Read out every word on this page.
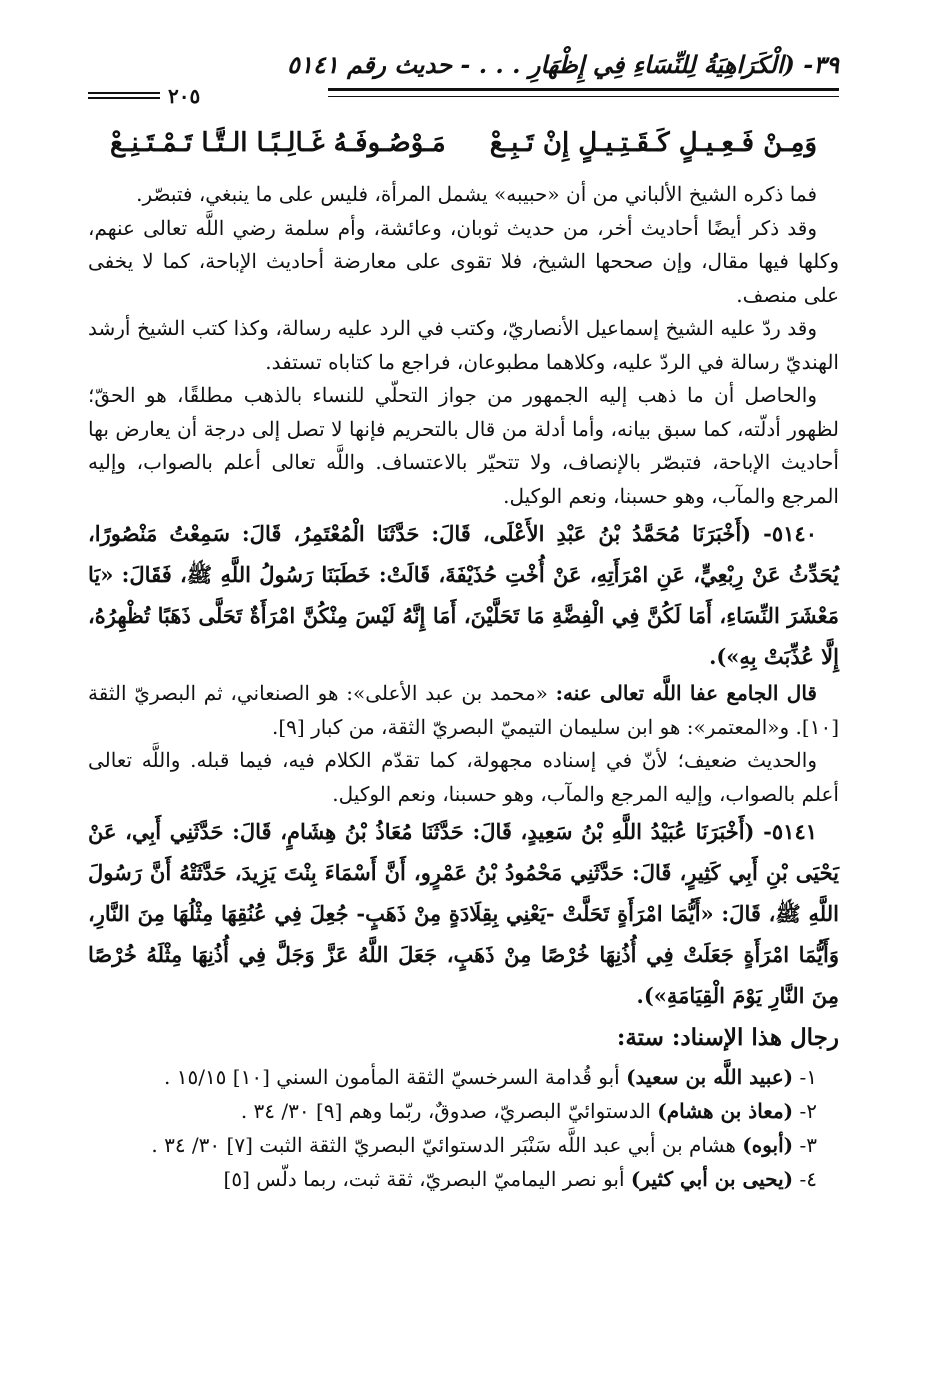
٣٩- (الْكَرَاهِيَةُ لِلنِّسَاءِ فِي إِظْهَارِ . . . - حديث رقم ٥١٤١
٢٠٥
وَمِـنْ فَـعِـيـلٍ كَـقَـتِـيـلٍ إِنْ تَـبِـعْ
مَـوْصُـوفَـهُ غَـالِـبًـا الـتَّـا تَـمْـتَـنِـعْ

فما ذكره الشيخ الألباني من أن «حبيبه» يشمل المرأة، فليس على ما ينبغي، فتبصّر.

وقد ذكر أيضًا أحاديث أخر، من حديث ثوبان، وعائشة، وأم سلمة رضي اللَّه تعالى عنهم، وكلها فيها مقال، وإن صححها الشيخ، فلا تقوى على معارضة أحاديث الإباحة، كما لا يخفى على منصف.

وقد ردّ عليه الشيخ إسماعيل الأنصاريّ، وكتب في الرد عليه رسالة، وكذا كتب الشيخ أرشد الهنديّ رسالة في الردّ عليه، وكلاهما مطبوعان، فراجع ما كتاباه تستفد.

والحاصل أن ما ذهب إليه الجمهور من جواز التحلّي للنساء بالذهب مطلقًا، هو الحقّ؛ لظهور أدلّته، كما سبق بيانه، وأما أدلة من قال بالتحريم فإنها لا تصل إلى درجة أن يعارض بها أحاديث الإباحة، فتبصّر بالإنصاف، ولا تتحيّر بالاعتساف. واللَّه تعالى أعلم بالصواب، وإليه المرجع والمآب، وهو حسبنا، ونعم الوكيل.

٥١٤٠- (أَخْبَرَنَا مُحَمَّدُ بْنُ عَبْدِ الأَعْلَى، قَالَ: حَدَّثَنَا الْمُعْتَمِرُ، قَالَ: سَمِعْتُ مَنْصُورًا، يُحَدِّثُ عَنْ رِبْعِيٍّ، عَنِ امْرَأَتِهِ، عَنْ أُخْتِ حُذَيْفَةَ، قَالَتْ: خَطَبَنَا رَسُولُ اللَّهِ ﷺ، فَقَالَ: «يَا مَعْشَرَ النِّسَاءِ، أَمَا لَكُنَّ فِي الْفِضَّةِ مَا تَحَلَّيْنَ، أَمَا إِنَّهُ لَيْسَ مِنْكُنَّ امْرَأَةٌ تَحَلَّى ذَهَبًا تُظْهِرُهُ، إِلَّا عُذِّبَتْ بِهِ»).

قال الجامع عفا اللَّه تعالى عنه: «محمد بن عبد الأعلى»: هو الصنعاني، ثم البصريّ الثقة [١٠]. و«المعتمر»: هو ابن سليمان التيميّ البصريّ الثقة، من كبار [٩].

والحديث ضعيف؛ لأنّ في إسناده مجهولة، كما تقدّم الكلام فيه، فيما قبله. واللَّه تعالى أعلم بالصواب، وإليه المرجع والمآب، وهو حسبنا، ونعم الوكيل.

٥١٤١- (أَخْبَرَنَا عُبَيْدُ اللَّهِ بْنُ سَعِيدٍ، قَالَ: حَدَّثَنَا مُعَاذُ بْنُ هِشَامٍ، قَالَ: حَدَّثَنِي أَبِي، عَنْ يَحْيَى بْنِ أَبِي كَثِيرٍ، قَالَ: حَدَّثَنِي مَحْمُودُ بْنُ عَمْرٍو، أَنَّ أَسْمَاءَ بِنْتَ يَزِيدَ، حَدَّثَتْهُ أَنَّ رَسُولَ اللَّهِ ﷺ، قَالَ: «أَيُّمَا امْرَأَةٍ تَحَلَّتْ -يَعْنِي بِقِلَادَةٍ مِنْ ذَهَبٍ- جُعِلَ فِي عُنُقِهَا مِثْلُهَا مِنَ النَّارِ، وَأَيُّمَا امْرَأَةٍ جَعَلَتْ فِي أُذُنِهَا خُرْصًا مِنْ ذَهَبٍ، جَعَلَ اللَّهُ عَزَّ وَجَلَّ فِي أُذُنِهَا مِثْلَهُ خُرْصًا مِنَ النَّارِ يَوْمَ الْقِيَامَةِ»).

رجال هذا الإسناد: ستة:

١- (عبيد اللَّه بن سعيد) أبو قُدامة السرخسيّ الثقة المأمون السني [١٠] ١٥/١٥ .

٢- (معاذ بن هشام) الدستوائيّ البصريّ، صدوقٌ، ربّما وهم [٩] ٣٠/ ٣٤ .

٣- (أبوه) هشام بن أبي عبد اللَّه سَنْبَر الدستوائيّ البصريّ الثقة الثبت [٧] ٣٠/ ٣٤ .

٤- (يحيى بن أبي كثير) أبو نصر اليماميّ البصريّ، ثقة ثبت، ربما دلّس [٥]
